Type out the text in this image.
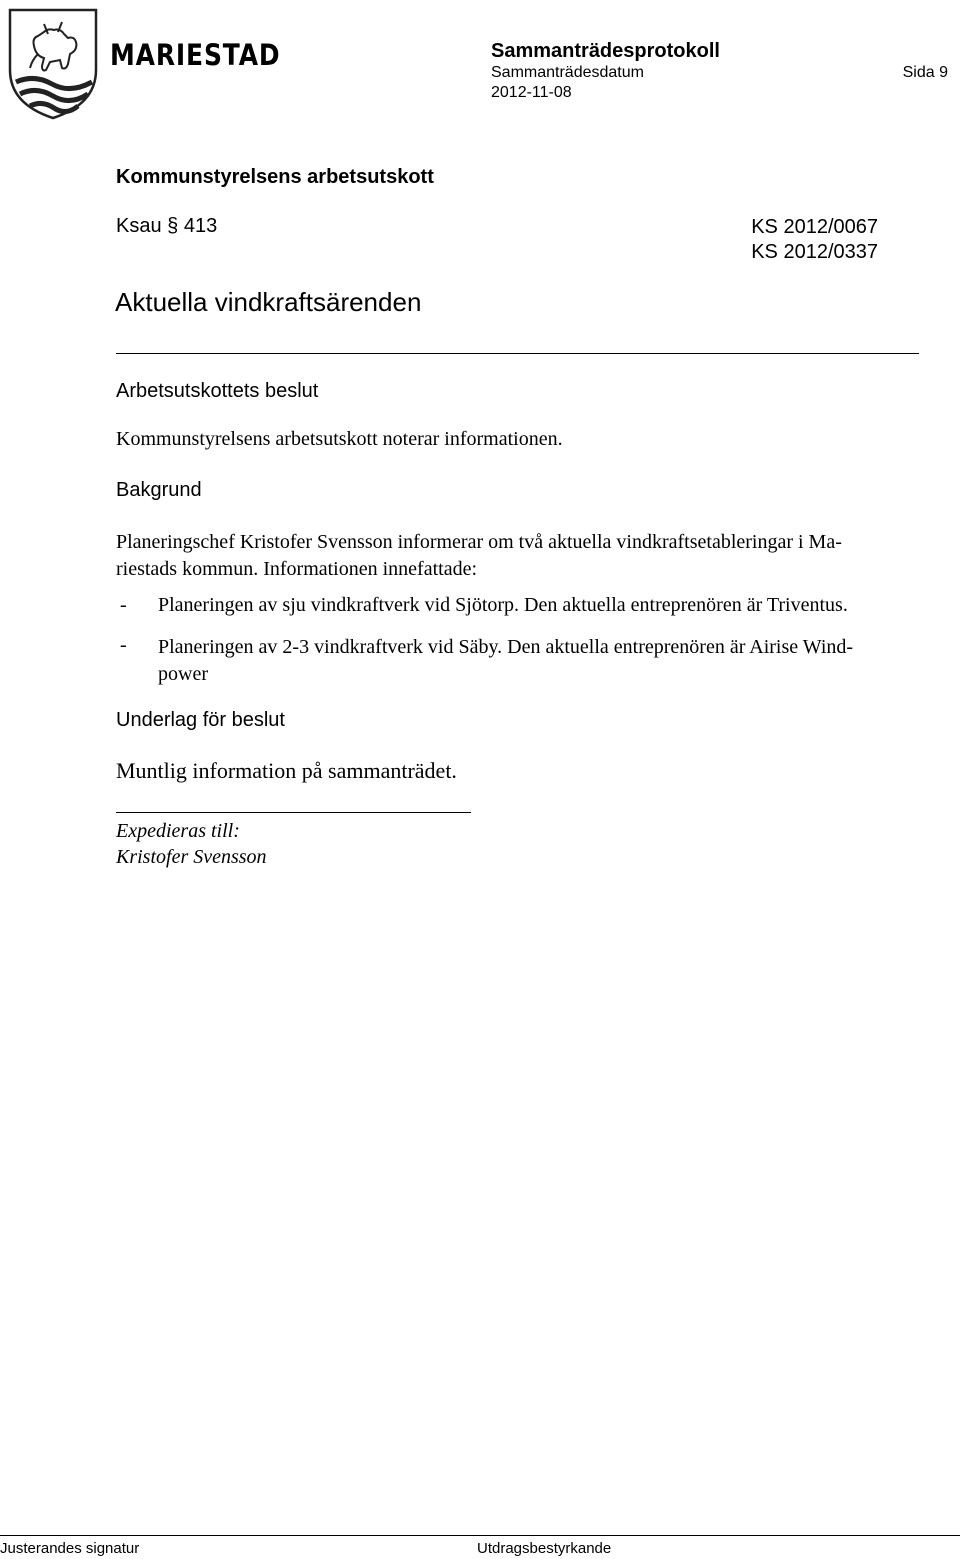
MARIESTAD	Sammanträdesprotokoll
Sammanträdesdatum
2012-11-08
Sida 9
Kommunstyrelsens arbetsutskott
Ksau § 413	KS 2012/0067
KS 2012/0337
Aktuella vindkraftsärenden
Arbetsutskottets beslut
Kommunstyrelsens arbetsutskott noterar informationen.
Bakgrund
Planeringschef Kristofer Svensson informerar om två aktuella vindkraftsetableringar i Ma-
riestads kommun. Informationen innefattade:
- Planeringen av sju vindkraftverk vid Sjötorp. Den aktuella entreprenören är Triventus.
- Planeringen av 2-3 vindkraftverk vid Säby. Den aktuella entreprenören är Airise Wind-
power
Underlag för beslut
Muntlig information på sammanträdet.
Expedieras till:
Kristofer Svensson
Justerandes signatur	Utdragsbestyrkande
